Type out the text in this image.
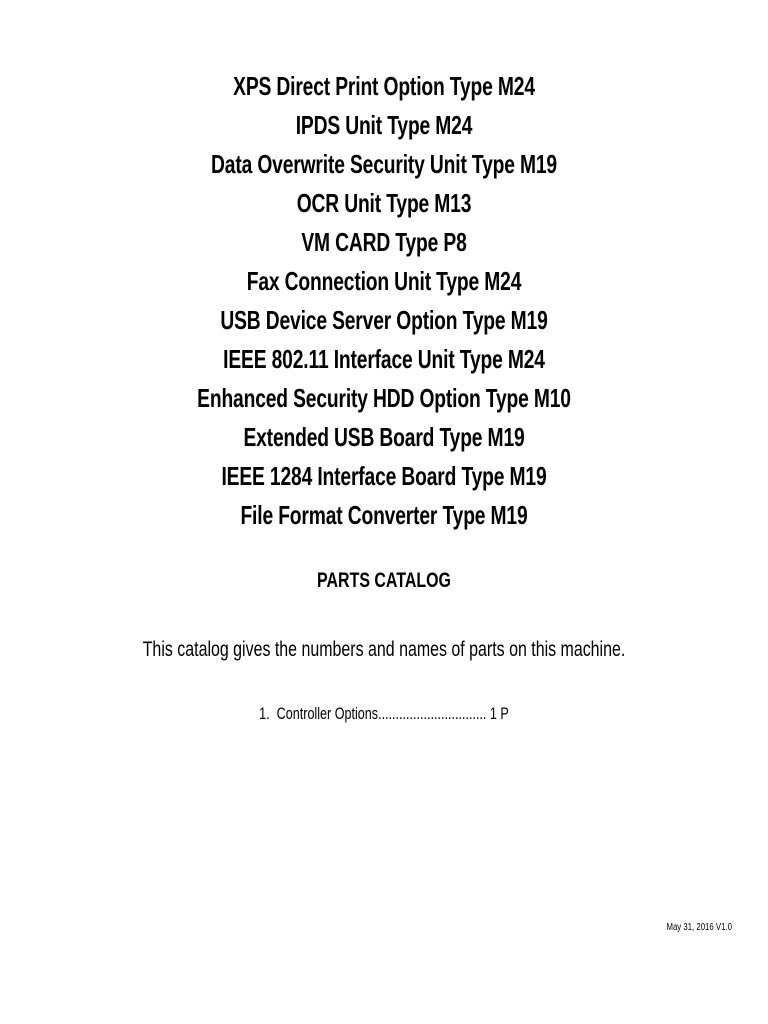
XPS Direct Print Option Type M24
IPDS Unit Type M24
Data Overwrite Security Unit Type M19
OCR Unit Type M13
VM CARD Type P8
Fax Connection Unit Type M24
USB Device Server Option Type M19
IEEE 802.11 Interface Unit Type M24
Enhanced Security HDD Option Type M10
Extended USB Board Type M19
IEEE 1284 Interface Board Type M19
File Format Converter Type M19
PARTS CATALOG
This catalog gives the numbers and names of parts on this machine.
1. Controller Options............................... 1 P
May 31, 2016 V1.0
